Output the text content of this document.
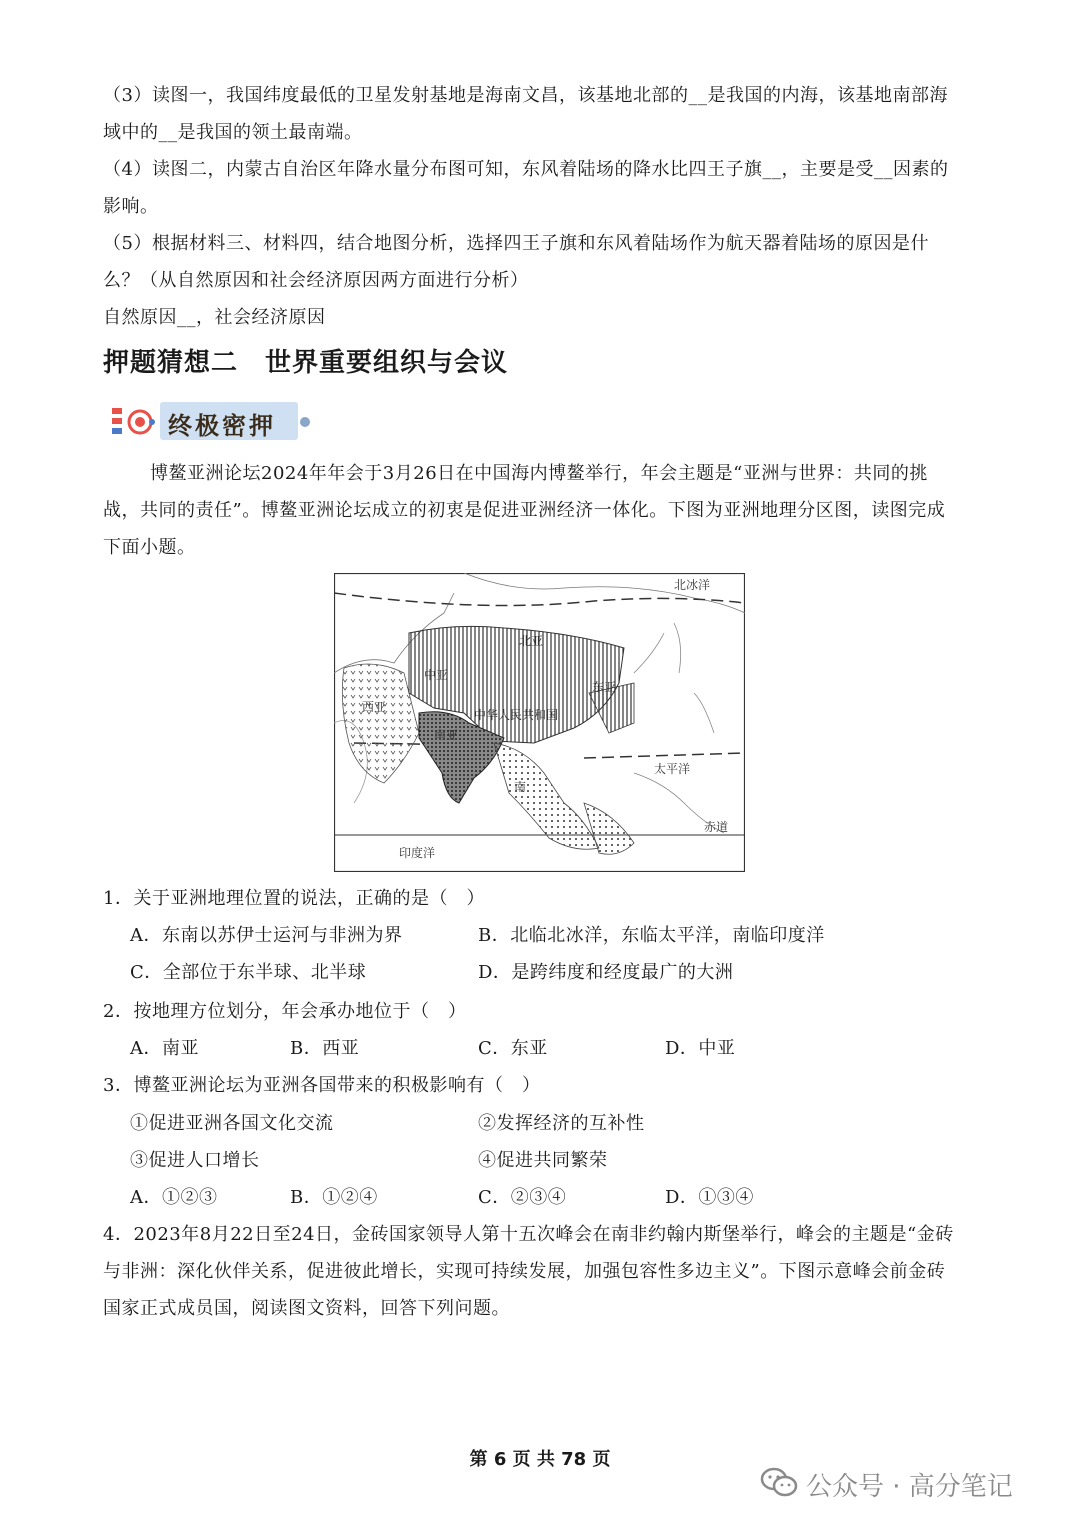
（3）读图一，我国纬度最低的卫星发射基地是海南文昌，该基地北部的__是我国的内海，该基地南部海
域中的__是我国的领土最南端。
（4）读图二，内蒙古自治区年降水量分布图可知，东风着陆场的降水比四王子旗__，主要是受__因素的
影响。
（5）根据材料三、材料四，结合地图分析，选择四王子旗和东风着陆场作为航天器着陆场的原因是什
么？（从自然原因和社会经济原因两方面进行分析）
自然原因__，社会经济原因
押题猜想二　世界重要组织与会议
终极密押
博鳌亚洲论坛2024年年会于3月26日在中国海内博鳌举行，年会主题是“亚洲与世界：共同的挑
战，共同的责任”。博鳌亚洲论坛成立的初衷是促进亚洲经济一体化。下图为亚洲地理分区图，读图完成
下面小题。
北冰洋
北亚
中亚
东亚
西亚
中华人民共和国
南亚
南
太平洋
赤道
印度洋
1．关于亚洲地理位置的说法，正确的是（　）
A．东南以苏伊士运河与非洲为界	B．北临北冰洋，东临太平洋，南临印度洋
C．全部位于东半球、北半球	D．是跨纬度和经度最广的大洲
2．按地理方位划分，年会承办地位于（　）
A．南亚	B．西亚	C．东亚	D．中亚
3．博鳌亚洲论坛为亚洲各国带来的积极影响有（　）
①促进亚洲各国文化交流	②发挥经济的互补性
③促进人口增长	④促进共同繁荣
A．①②③	B．①②④	C．②③④	D．①③④
4．2023年8月22日至24日，金砖国家领导人第十五次峰会在南非约翰内斯堡举行，峰会的主题是“金砖
与非洲：深化伙伴关系，促进彼此增长，实现可持续发展，加强包容性多边主义”。下图示意峰会前金砖
国家正式成员国，阅读图文资料，回答下列问题。
第 6 页 共 78 页
公众号 · 高分笔记
